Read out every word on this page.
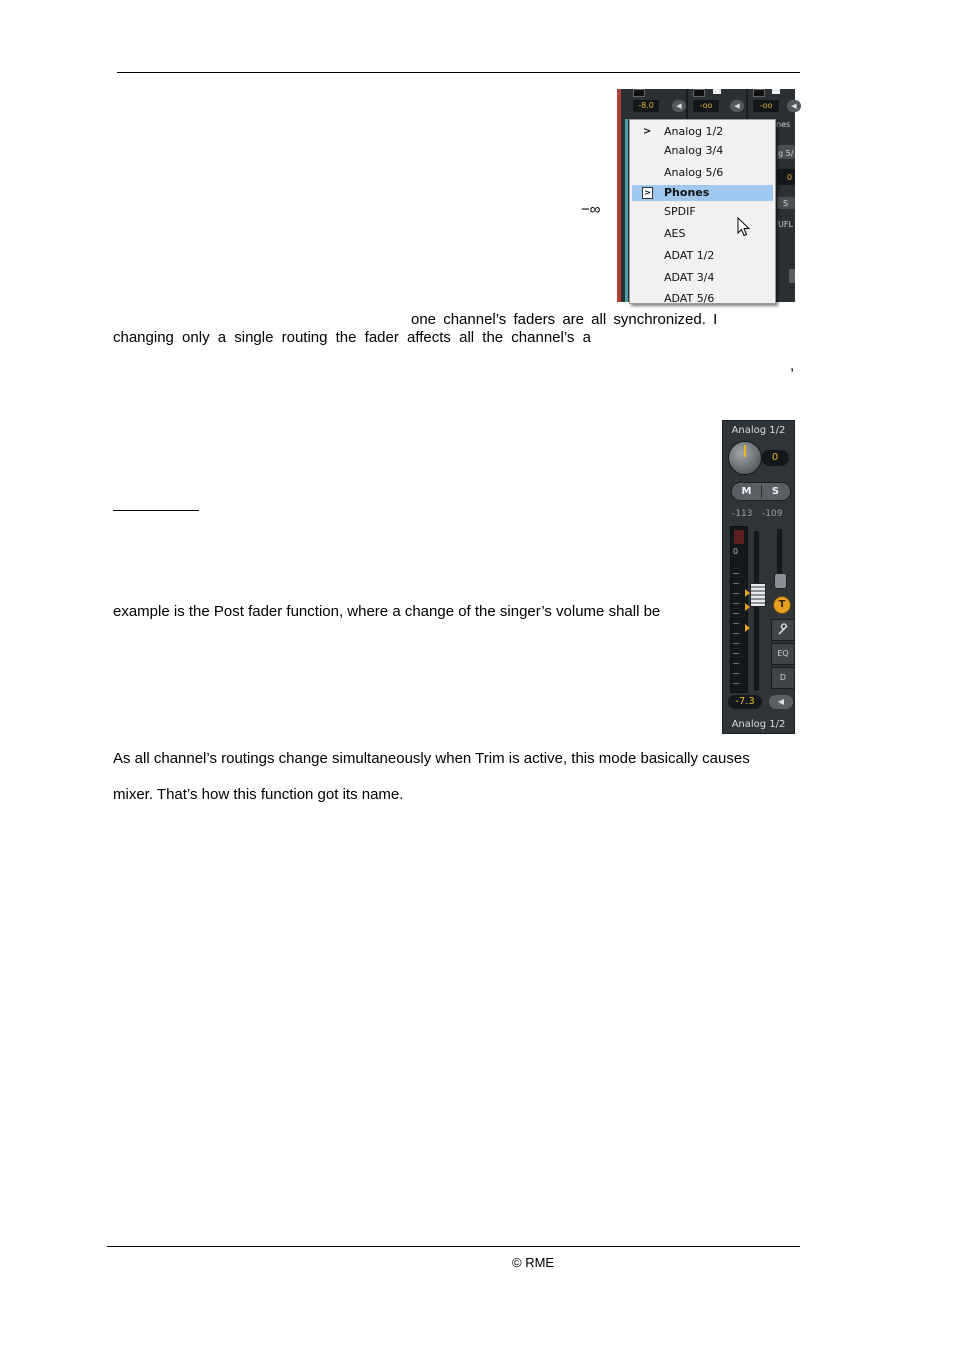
-8.0	◀	-oo	◀	-oo	◀
nes
g 5/
0
S
UFL
> Analog 1/2
Analog 3/4
Analog 5/6
> Phones
SPDIF
AES
ADAT 1/2
ADAT 3/4
ADAT 5/6
−∞
one channel’s faders are all synchronized. I
changing only a single routing the fader affects all the channel’s a
,
Analog 1/2
0
M	S
-113 -109
0
T
EQ
D
-7.3	◀
Analog 1/2
example is the Post fader function, where a change of the singer’s volume shall be
As all channel’s routings change simultaneously when Trim is active, this mode basically causes
mixer. That’s how this function got its name.
© RME
